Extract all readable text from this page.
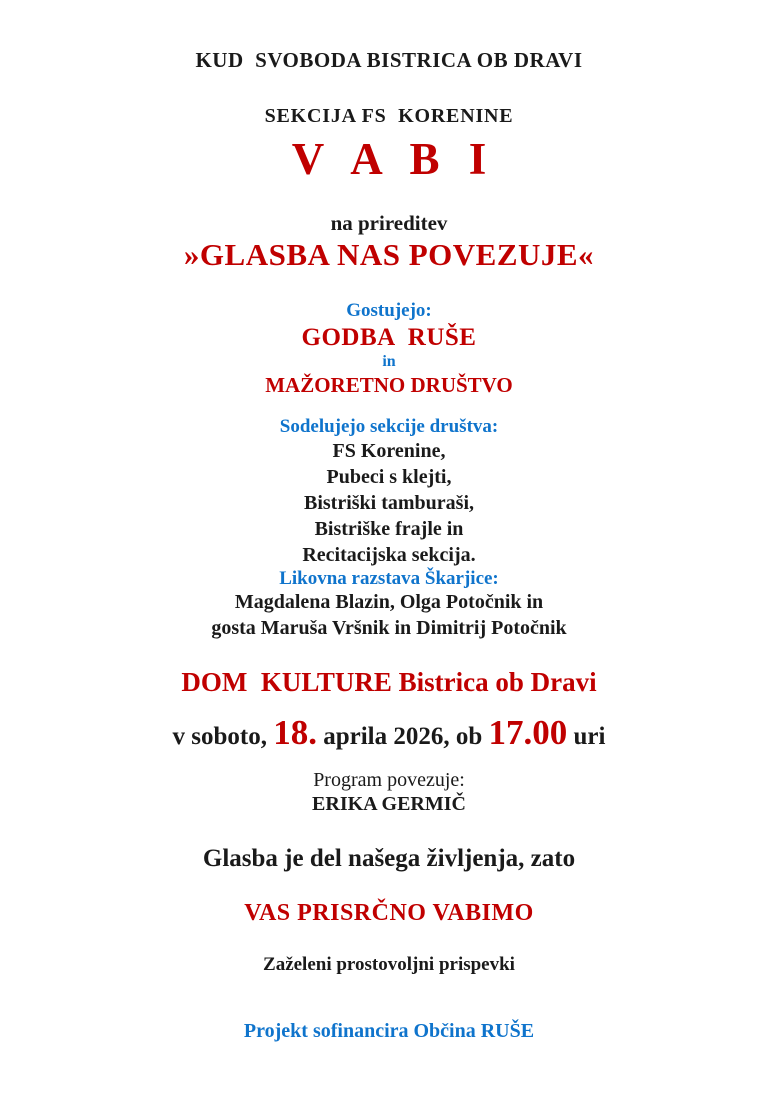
KUD  SVOBODA BISTRICA OB DRAVI

SEKCIJA FS  KORENINE

V A B I

na prireditev

»GLASBA NAS POVEZUJE«

Gostujejo:

GODBA  RUŠE

in

MAŽORETNO DRUŠTVO

Sodelujejo sekcije društva:

FS Korenine,

Pubeci s klejti,

Bistriški tamburaši,

Bistriške frajle in

Recitacijska sekcija.

Likovna razstava Škarjice:

Magdalena Blazin, Olga Potočnik in

gosta Maruša Vršnik in Dimitrij Potočnik

DOM  KULTURE Bistrica ob Dravi

v soboto, 18. aprila 2026, ob 17.00 uri

Program povezuje:

ERIKA GERMIČ

Glasba je del našega življenja, zato

VAS PRISRČNO VABIMO

Zaželeni prostovoljni prispevki

Projekt sofinancira Občina RUŠE
